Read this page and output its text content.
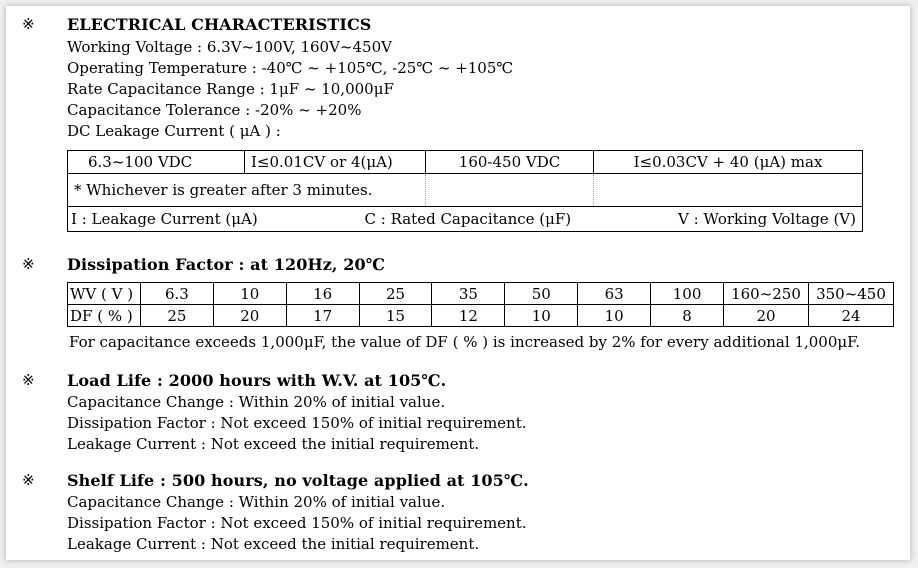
※ ELECTRICAL CHARACTERISTICS
Working Voltage : 6.3V~100V, 160V~450V
Operating Temperature : -40℃ ~ +105℃, -25℃ ~ +105℃
Rate Capacitance Range : 1μF ~ 10,000μF
Capacitance Tolerance : -20% ~ +20%
DC Leakage Current ( μA ) :
6.3~100 VDC	I≤0.01CV or 4(μA)	160-450 VDC	I≤0.03CV + 40 (μA) max
* Whichever is greater after 3 minutes.			

I : Leakage Current (μA) C : Rated Capacitance (μF) V : Working Voltage (V)			
※ Dissipation Factor : at 120Hz, 20℃
WV ( V )	6.3	10	16	25	35	50	63	100	160~250	350~450
DF ( % )	25	20	17	15	12	10	10	8	20	24
For capacitance exceeds 1,000μF, the value of DF ( % ) is increased by 2% for every additional 1,000μF.
※ Load Life : 2000 hours with W.V. at 105℃.
Capacitance Change : Within 20% of initial value.
Dissipation Factor : Not exceed 150% of initial requirement.
Leakage Current : Not exceed the initial requirement.
※ Shelf Life : 500 hours, no voltage applied at 105℃.
Capacitance Change : Within 20% of initial value.
Dissipation Factor : Not exceed 150% of initial requirement.
Leakage Current : Not exceed the initial requirement.
